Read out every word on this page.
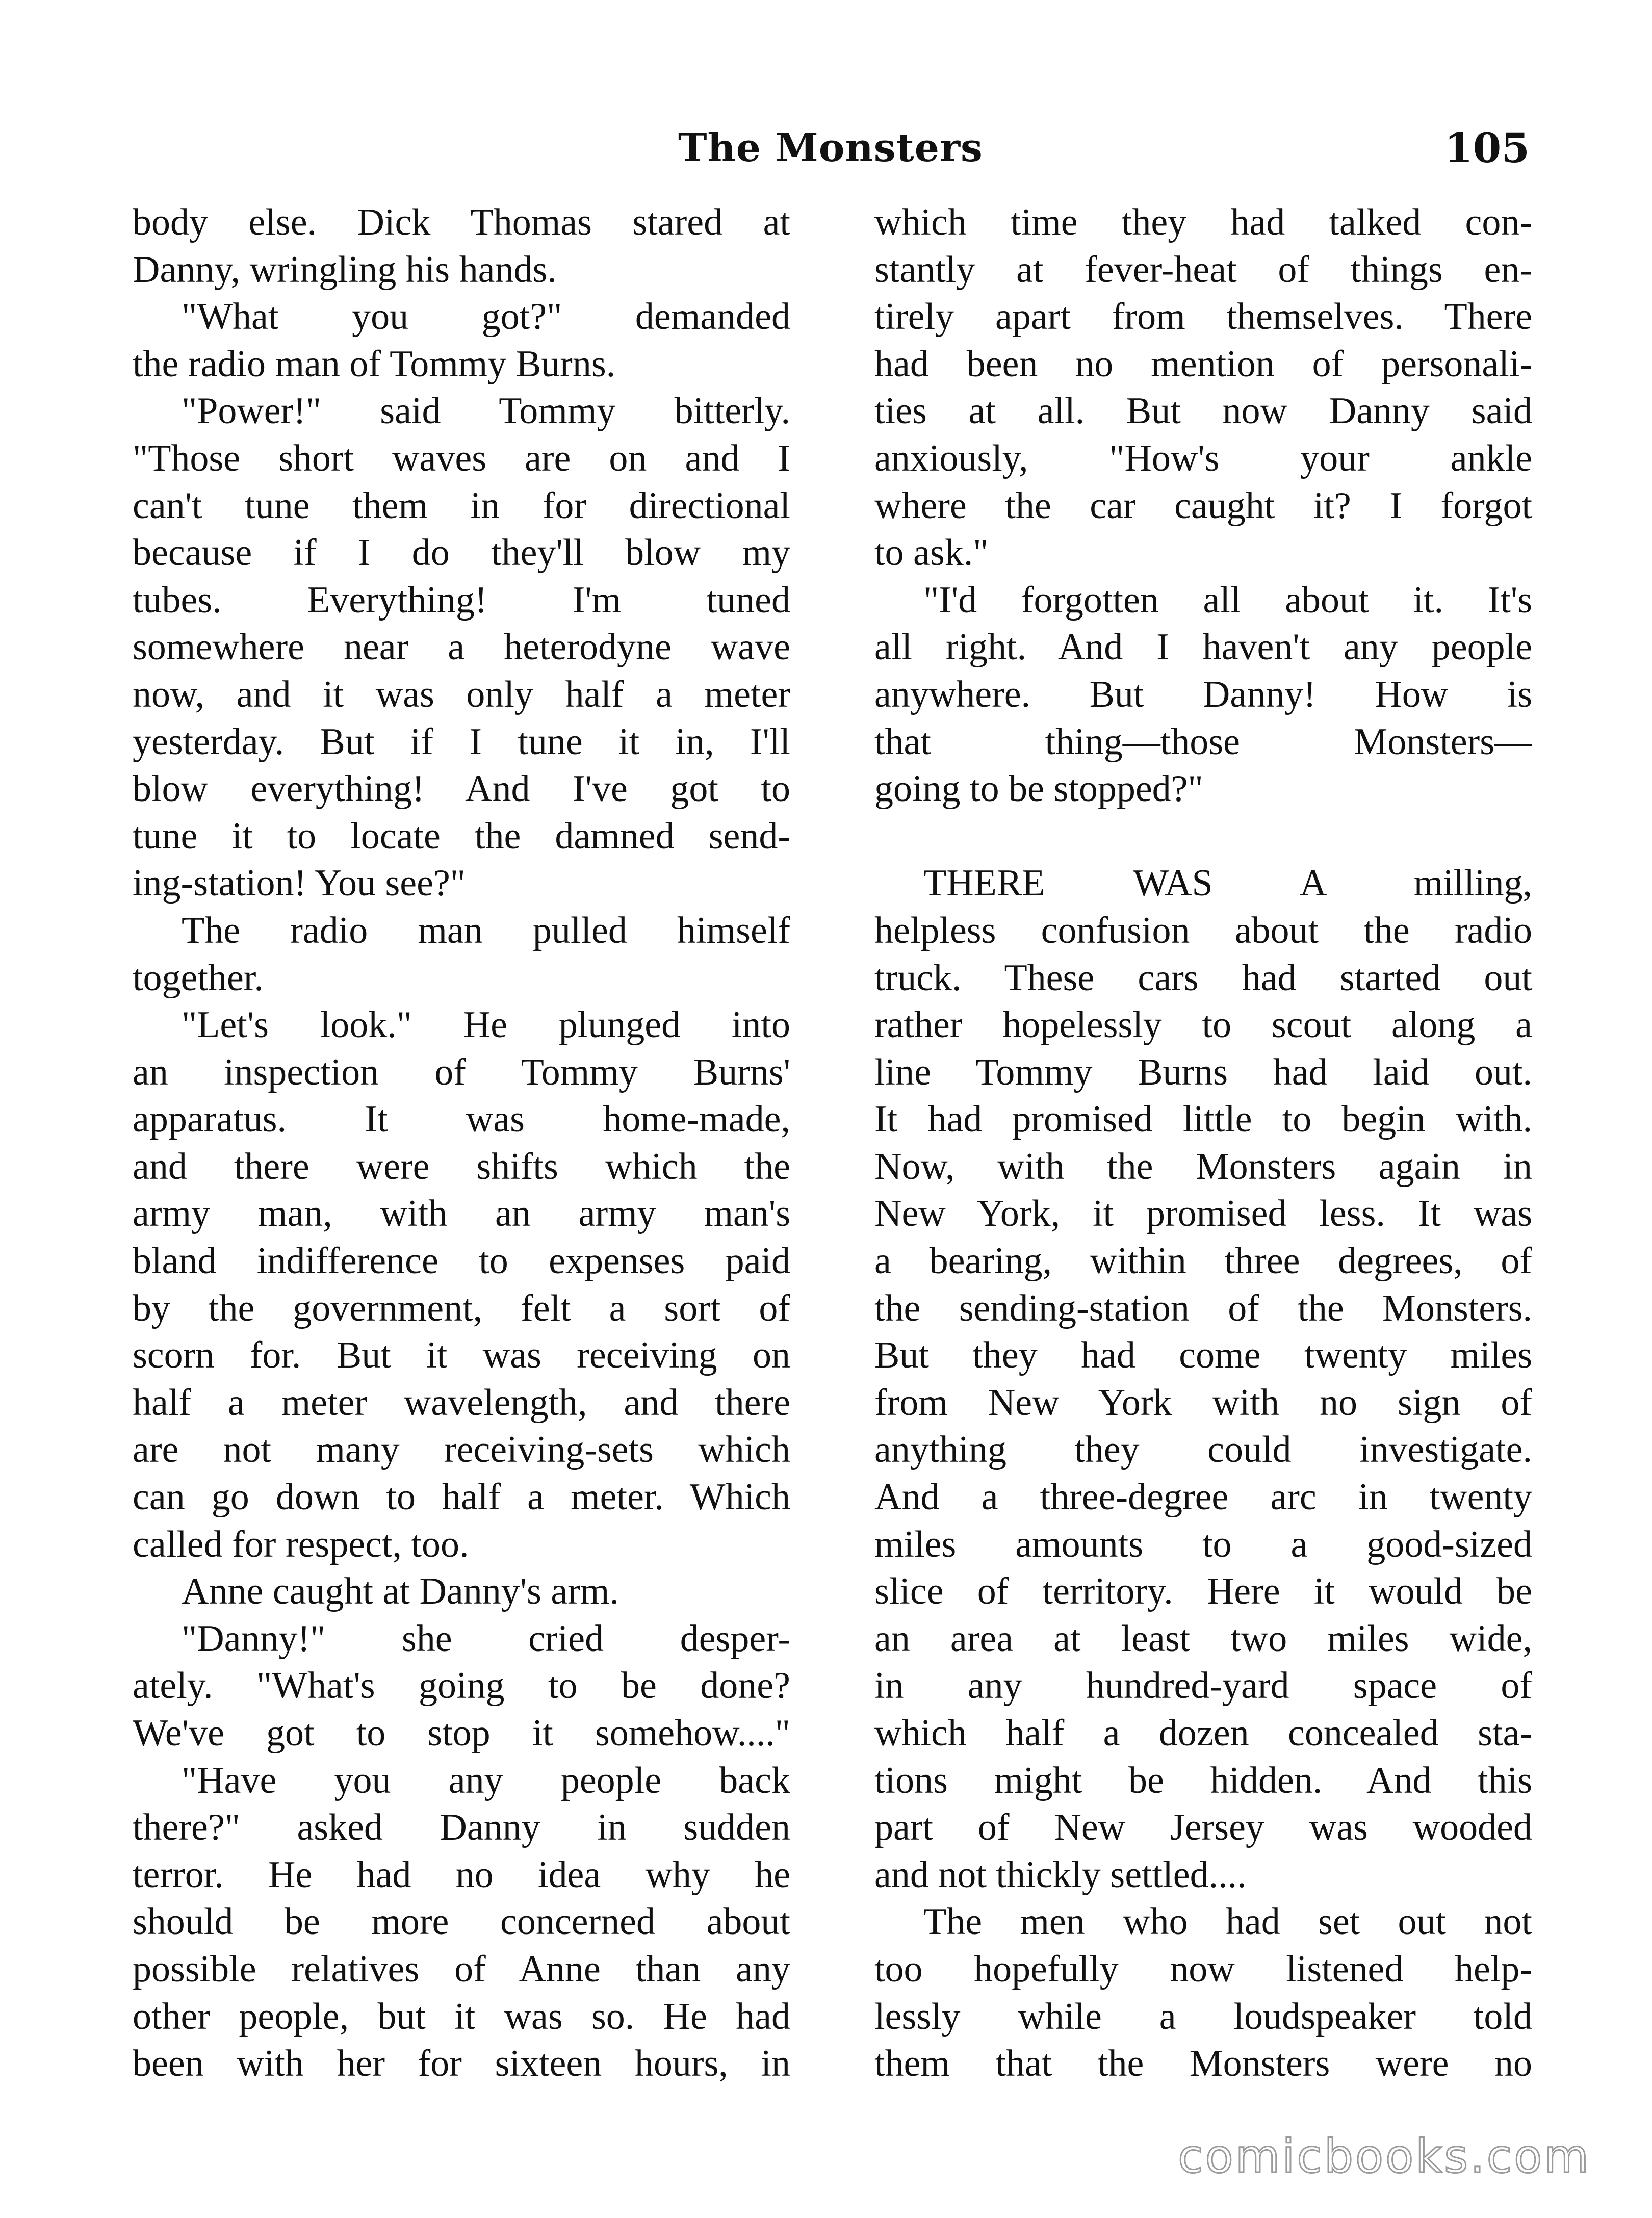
The Monsters	105
body else. Dick Thomas stared at
Danny, wringling his hands.
"What you got?" demanded
the radio man of Tommy Burns.
"Power!" said Tommy bitterly.
"Those short waves are on and I
can't tune them in for directional
because if I do they'll blow my
tubes. Everything! I'm tuned
somewhere near a heterodyne wave
now, and it was only half a meter
yesterday. But if I tune it in, I'll
blow everything! And I've got to
tune it to locate the damned send-
ing-station! You see?"
The radio man pulled himself
together.
"Let's look." He plunged into
an inspection of Tommy Burns'
apparatus. It was home-made,
and there were shifts which the
army man, with an army man's
bland indifference to expenses paid
by the government, felt a sort of
scorn for. But it was receiving on
half a meter wavelength, and there
are not many receiving-sets which
can go down to half a meter. Which
called for respect, too.
Anne caught at Danny's arm.
"Danny!" she cried desper-
ately. "What's going to be done?
We've got to stop it somehow...."
"Have you any people back
there?" asked Danny in sudden
terror. He had no idea why he
should be more concerned about
possible relatives of Anne than any
other people, but it was so. He had
been with her for sixteen hours, in
which time they had talked con-
stantly at fever-heat of things en-
tirely apart from themselves. There
had been no mention of personali-
ties at all. But now Danny said
anxiously, "How's your ankle
where the car caught it? I forgot
to ask."
"I'd forgotten all about it. It's
all right. And I haven't any people
anywhere. But Danny! How is
that thing—those Monsters—
going to be stopped?"
THERE WAS A milling,
helpless confusion about the radio
truck. These cars had started out
rather hopelessly to scout along a
line Tommy Burns had laid out.
It had promised little to begin with.
Now, with the Monsters again in
New York, it promised less. It was
a bearing, within three degrees, of
the sending-station of the Monsters.
But they had come twenty miles
from New York with no sign of
anything they could investigate.
And a three-degree arc in twenty
miles amounts to a good-sized
slice of territory. Here it would be
an area at least two miles wide,
in any hundred-yard space of
which half a dozen concealed sta-
tions might be hidden. And this
part of New Jersey was wooded
and not thickly settled....
The men who had set out not
too hopefully now listened help-
lessly while a loudspeaker told
them that the Monsters were no
comicbooks.com
